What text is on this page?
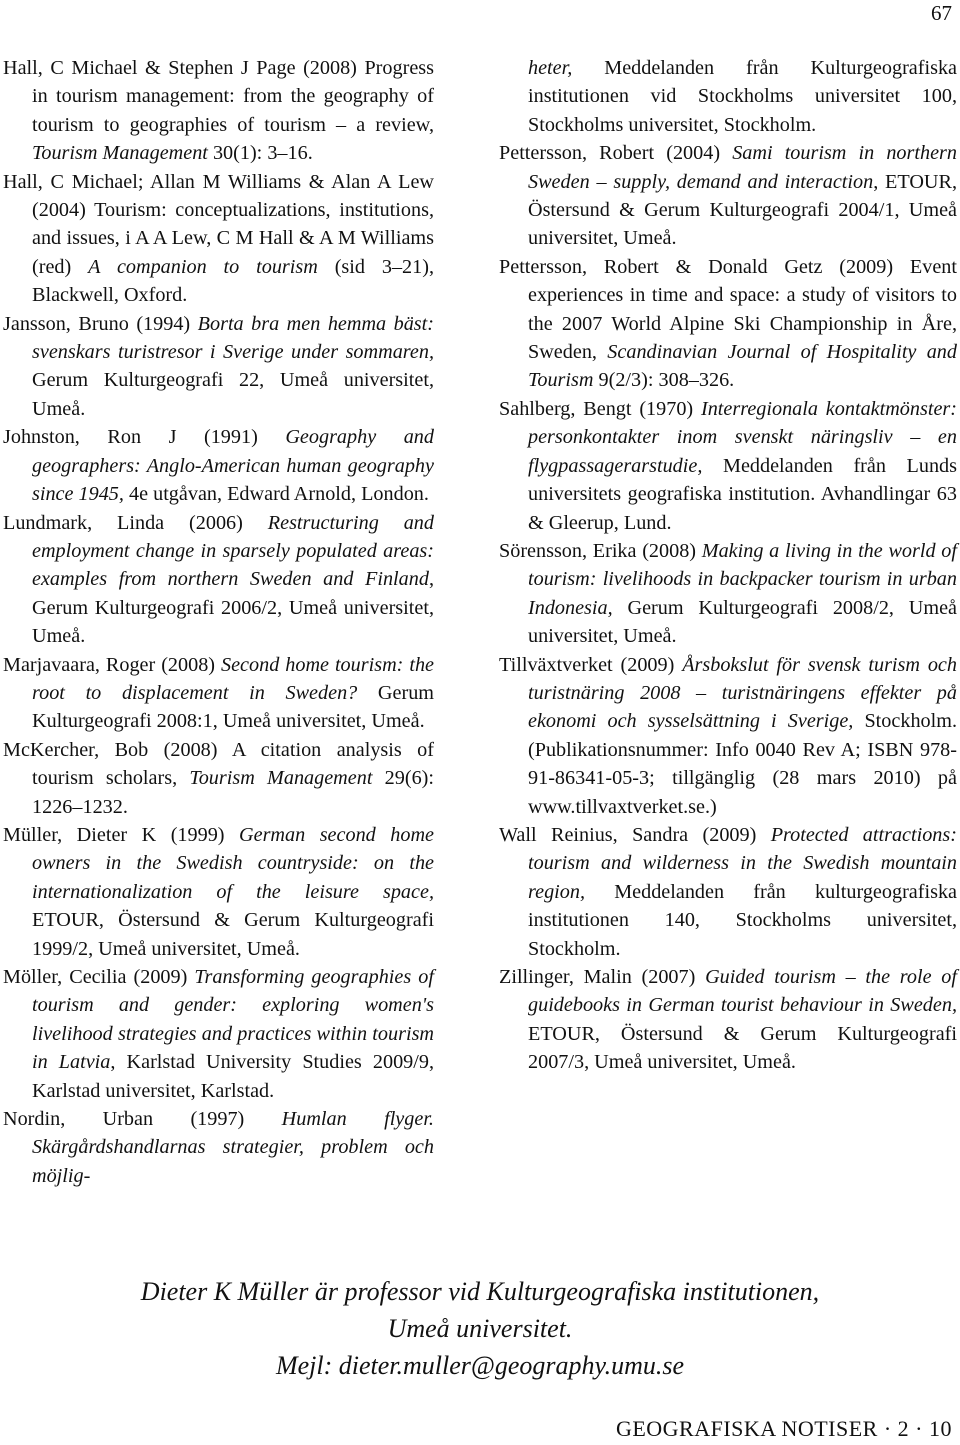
67

Hall, C Michael & Stephen J Page (2008) Progress in tourism management: from the geography of tourism to geographies of tourism – a review, Tourism Management 30(1): 3–16.

Hall, C Michael; Allan M Williams & Alan A Lew (2004) Tourism: conceptualizations, institutions, and issues, i A A Lew, C M Hall & A M Williams (red) A companion to tourism (sid 3–21), Blackwell, Oxford.

Jansson, Bruno (1994) Borta bra men hemma bäst: svenskars turistresor i Sverige under sommaren, Gerum Kulturgeografi 22, Umeå universitet, Umeå.

Johnston, Ron J (1991) Geography and geographers: Anglo-American human geography since 1945, 4e utgåvan, Edward Arnold, London.

Lundmark, Linda (2006) Restructuring and employment change in sparsely populated areas: examples from northern Sweden and Finland, Gerum Kulturgeografi 2006/2, Umeå universitet, Umeå.

Marjavaara, Roger (2008) Second home tourism: the root to displacement in Sweden? Gerum Kulturgeografi 2008:1, Umeå universitet, Umeå.

McKercher, Bob (2008) A citation analysis of tourism scholars, Tourism Management 29(6): 1226–1232.

Müller, Dieter K (1999) German second home owners in the Swedish countryside: on the internationalization of the leisure space, ETOUR, Östersund & Gerum Kulturgeografi 1999/2, Umeå universitet, Umeå.

Möller, Cecilia (2009) Transforming geographies of tourism and gender: exploring women's livelihood strategies and practices within tourism in Latvia, Karlstad University Studies 2009/9, Karlstad universitet, Karlstad.

Nordin, Urban (1997) Humlan flyger. Skärgårdshandlarnas strategier, problem och möjlig-

heter, Meddelanden från Kulturgeografiska institutionen vid Stockholms universitet 100, Stockholms universitet, Stockholm.

Pettersson, Robert (2004) Sami tourism in northern Sweden – supply, demand and interaction, ETOUR, Östersund & Gerum Kulturgeografi 2004/1, Umeå universitet, Umeå.

Pettersson, Robert & Donald Getz (2009) Event experiences in time and space: a study of visitors to the 2007 World Alpine Ski Championship in Åre, Sweden, Scandinavian Journal of Hospitality and Tourism 9(2/3): 308–326.

Sahlberg, Bengt (1970) Interregionala kontaktmönster: personkontakter inom svenskt näringsliv – en flygpassagerarstudie, Meddelanden från Lunds universitets geografiska institution. Avhandlingar 63 & Gleerup, Lund.

Sörensson, Erika (2008) Making a living in the world of tourism: livelihoods in backpacker tourism in urban Indonesia, Gerum Kulturgeografi 2008/2, Umeå universitet, Umeå.

Tillväxtverket (2009) Årsbokslut för svensk turism och turistnäring 2008 – turistnäringens effekter på ekonomi och sysselsättning i Sverige, Stockholm. (Publikationsnummer: Info 0040 Rev A; ISBN 978-91-86341-05-3; tillgänglig (28 mars 2010) på www.tillvaxtverket.se.)

Wall Reinius, Sandra (2009) Protected attractions: tourism and wilderness in the Swedish mountain region, Meddelanden från kulturgeografiska institutionen 140, Stockholms universitet, Stockholm.

Zillinger, Malin (2007) Guided tourism – the role of guidebooks in German tourist behaviour in Sweden, ETOUR, Östersund & Gerum Kulturgeografi 2007/3, Umeå universitet, Umeå.

Dieter K Müller är professor vid Kulturgeografiska institutionen,
Umeå universitet.
Mejl: dieter.muller@geography.umu.se
GEOGRAFISKA NOTISER · 2 · 10
